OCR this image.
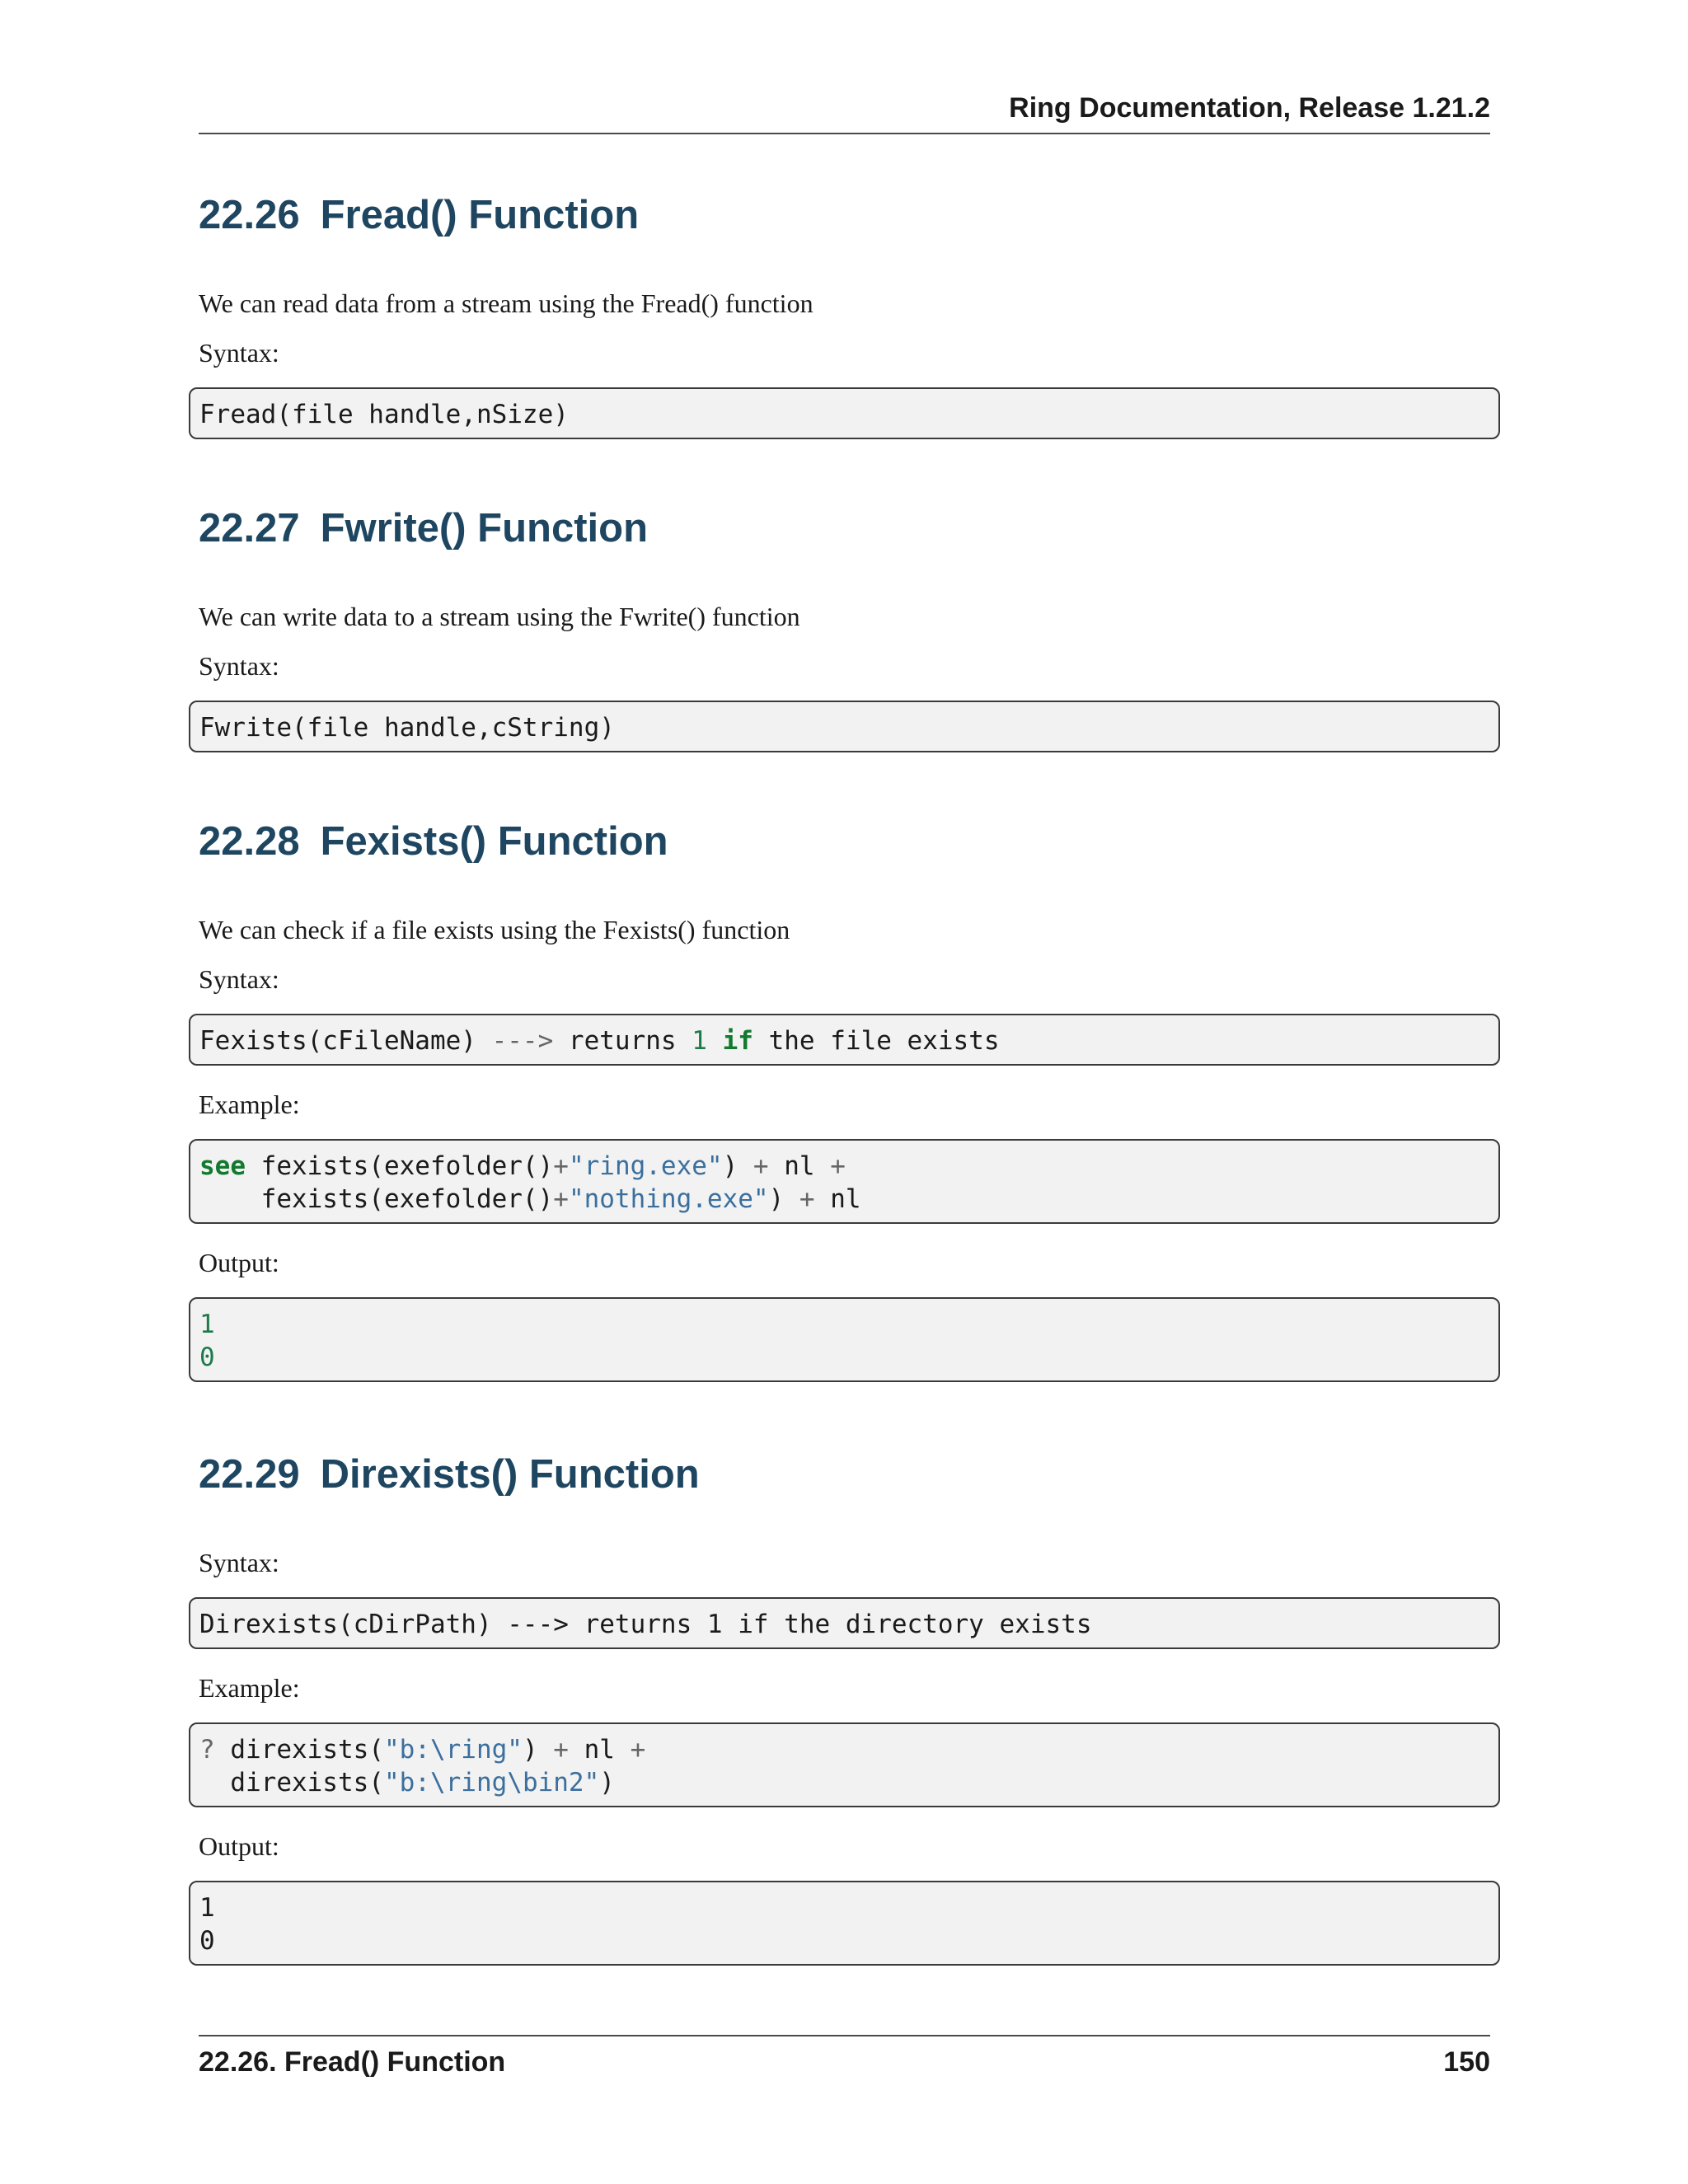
Ring Documentation, Release 1.21.2
22.26 Fread() Function

We can read data from a stream using the Fread() function

Syntax:

Fread(file handle,nSize)
22.27 Fwrite() Function

We can write data to a stream using the Fwrite() function

Syntax:

Fwrite(file handle,cString)
22.28 Fexists() Function

We can check if a file exists using the Fexists() function

Syntax:

Fexists(cFileName) ---> returns 1 if the file exists

Example:

see fexists(exefolder()+"ring.exe") + nl +
fexists(exefolder()+"nothing.exe") + nl

Output:

1
0
22.29 Direxists() Function

Syntax:

Direxists(cDirPath) ---> returns 1 if the directory exists

Example:

? direxists("b:\ring") + nl +
direxists("b:\ring\bin2")

Output:

1
0
22.26. Fread() Function	150
